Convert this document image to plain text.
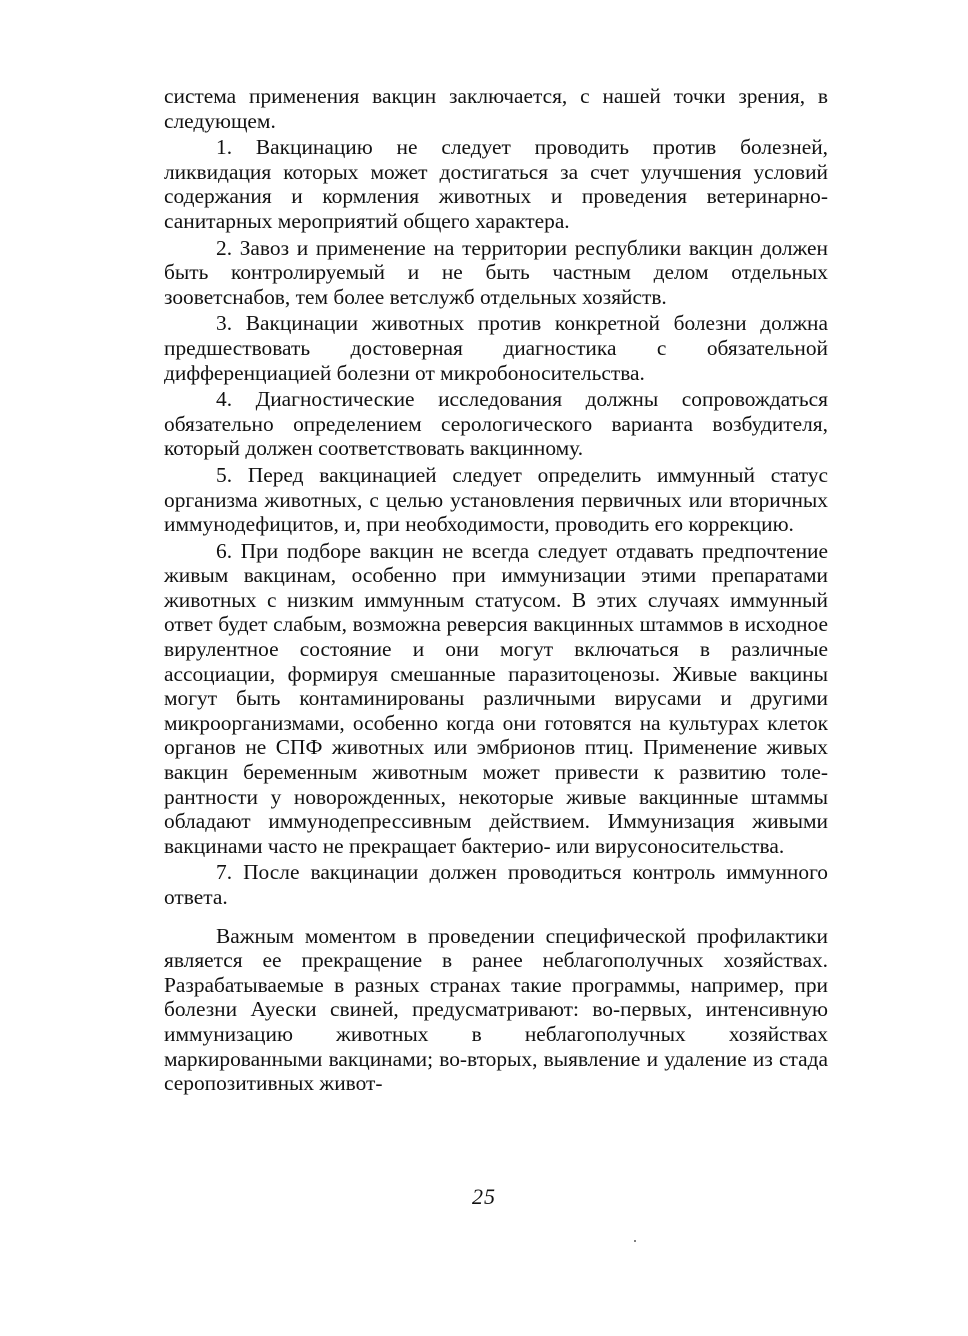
система применения вакцин заключается, с нашей точки зрения, в следующем.

1. Вакцинацию не следует проводить против болезней, ликвидация которых может достигаться за счет улучшения условий содержания и кормления животных и проведения ветеринарно-санитарных мероприятий общего характера.

2. Завоз и применение на территории республики вакцин должен быть контролируемый и не быть частным делом отдельных зооветснабов, тем более ветслужб отдельных хозяйств.

3. Вакцинации животных против конкретной болезни должна предшествовать достоверная диагностика с обязательной дифференциацией болезни от микробоносительства.

4. Диагностические исследования должны сопровождаться обязательно определением серологического варианта возбудителя, который должен соответствовать вакцинному.

5. Перед вакцинацией следует определить иммунный статус организма животных, с целью установления первичных или вторичных иммунодефицитов, и, при необходимости, проводить его коррекцию.

6. При подборе вакцин не всегда следует отдавать предпочтение живым вакцинам, особенно при иммунизации этими препаратами животных с низким иммунным статусом. В этих случаях иммунный ответ будет слабым, возможна реверсия вакцинных штаммов в исходное вирулентное состояние и они могут включаться в различные ассоциации, формируя смешанные паразитоценозы. Живые вакцины могут быть контаминированы различными вирусами и другими микроорганизмами, особенно когда они готовятся на культурах клеток органов не СПФ животных или эмбрионов птиц. Применение живых вакцин беременным животным может привести к развитию толерантности у новорожденных, некоторые живые вакцинные штаммы обладают иммунодепрессивным действием. Иммунизация живыми вакцинами часто не прекращает бактерио- или вирусоносительства.

7. После вакцинации должен проводиться контроль иммунного ответа.

Важным моментом в проведении специфической профилактики является ее прекращение в ранее неблагополучных хозяйствах. Разрабатываемые в разных странах такие программы, например, при болезни Ауески свиней, предусматривают: во-первых, интенсивную иммунизацию животных в неблагополучных хозяйствах маркированными вакцинами; во-вторых, выявление и удаление из стада серопозитивных живот-

25
